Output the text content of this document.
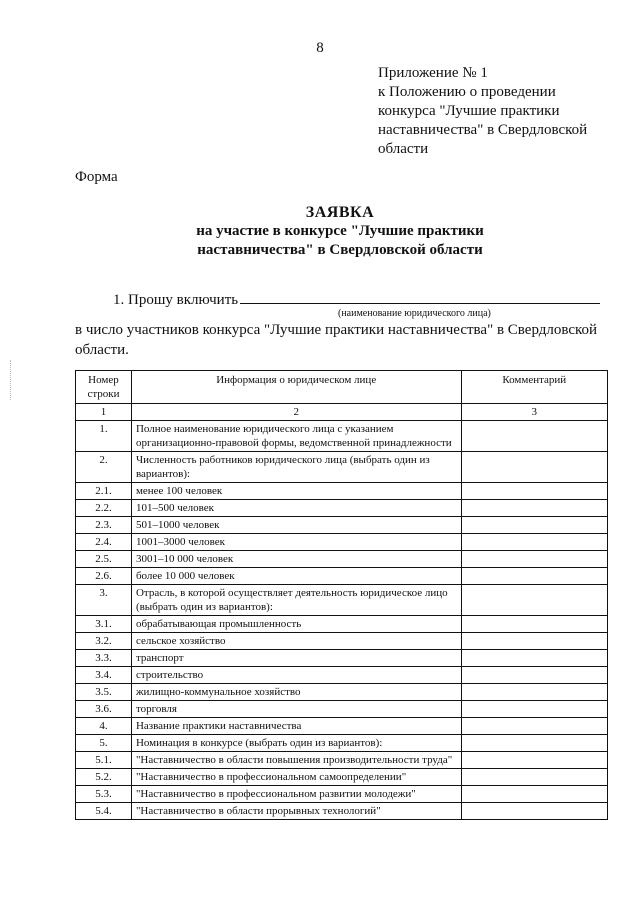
8
Приложение № 1
к Положению о проведении
конкурса "Лучшие практики
наставничества" в Свердловской
области
Форма
ЗАЯВКА
на участие в конкурсе "Лучшие практики
наставничества" в Свердловской области
1. Прошу включить
(наименование юридического лица)
в число участников конкурса "Лучшие практики наставничества" в Свердловской
области.
Номер строки	Информация о юридическом лице	Комментарий
1	2	3
1.	Полное наименование юридического лица с указанием организационно-правовой формы, ведомственной принадлежности	
2.	Численность работников юридического лица (выбрать один из вариантов):	
2.1.	менее 100 человек	
2.2.	101–500 человек	
2.3.	501–1000 человек	
2.4.	1001–3000 человек	
2.5.	3001–10 000 человек	
2.6.	более 10 000 человек	
3.	Отрасль, в которой осуществляет деятельность юридическое лицо (выбрать один из вариантов):	
3.1.	обрабатывающая промышленность	
3.2.	сельское хозяйство	
3.3.	транспорт	
3.4.	строительство	
3.5.	жилищно-коммунальное хозяйство	
3.6.	торговля	
4.	Название практики наставничества	
5.	Номинация в конкурсе (выбрать один из вариантов):	
5.1.	"Наставничество в области повышения производительности труда"	
5.2.	"Наставничество в профессиональном самоопределении"	
5.3.	"Наставничество в профессиональном развитии молодежи"	
5.4.	"Наставничество в области прорывных технологий"	
